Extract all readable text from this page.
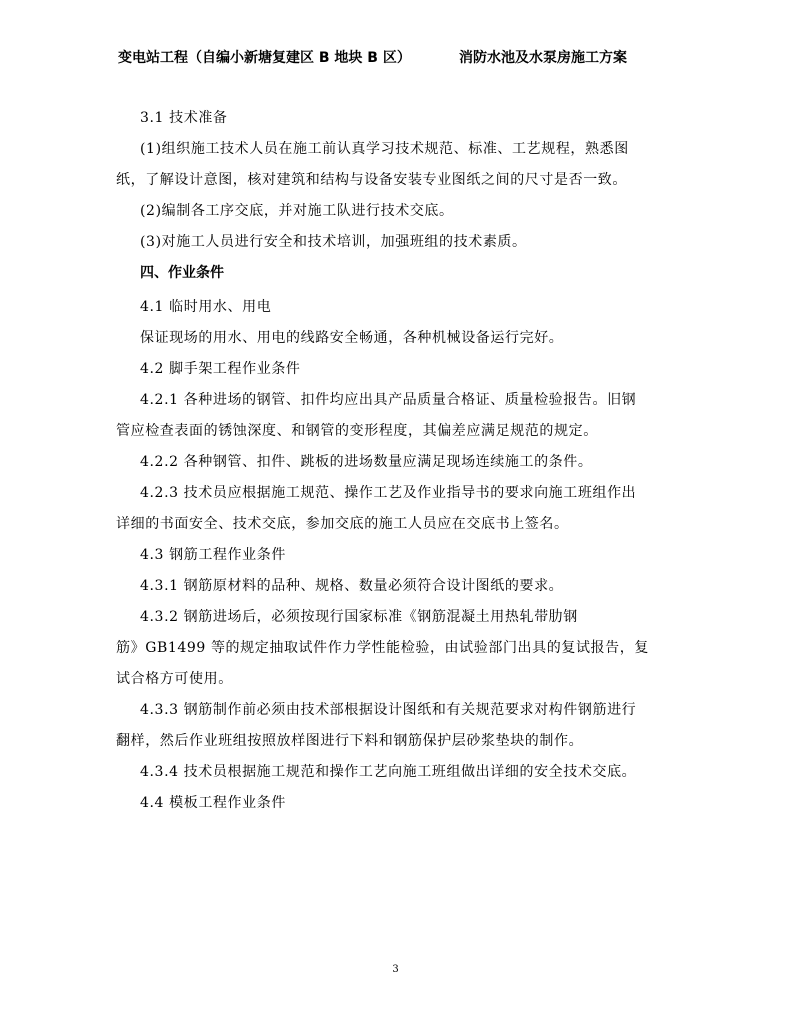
变电站工程（自编小新塘复建区 B 地块 B 区）	消防水池及水泵房施工方案

3.1 技术准备

(1)组织施工技术人员在施工前认真学习技术规范、标准、工艺规程，熟悉图

纸，了解设计意图，核对建筑和结构与设备安装专业图纸之间的尺寸是否一致。

(2)编制各工序交底，并对施工队进行技术交底。

(3)对施工人员进行安全和技术培训，加强班组的技术素质。

四、作业条件

4.1 临时用水、用电

保证现场的用水、用电的线路安全畅通，各种机械设备运行完好。

4.2 脚手架工程作业条件

4.2.1 各种进场的钢管、扣件均应出具产品质量合格证、质量检验报告。旧钢

管应检查表面的锈蚀深度、和钢管的变形程度，其偏差应满足规范的规定。

4.2.2 各种钢管、扣件、跳板的进场数量应满足现场连续施工的条件。

4.2.3 技术员应根据施工规范、操作工艺及作业指导书的要求向施工班组作出

详细的书面安全、技术交底，参加交底的施工人员应在交底书上签名。

4.3 钢筋工程作业条件

4.3.1 钢筋原材料的品种、规格、数量必须符合设计图纸的要求。

4.3.2 钢筋进场后，必须按现行国家标准《钢筋混凝土用热轧带肋钢

筋》GB1499 等的规定抽取试件作力学性能检验，由试验部门出具的复试报告，复

试合格方可使用。

4.3.3 钢筋制作前必须由技术部根据设计图纸和有关规范要求对构件钢筋进行

翻样，然后作业班组按照放样图进行下料和钢筋保护层砂浆垫块的制作。

4.3.4 技术员根据施工规范和操作工艺向施工班组做出详细的安全技术交底。

4.4 模板工程作业条件

3
